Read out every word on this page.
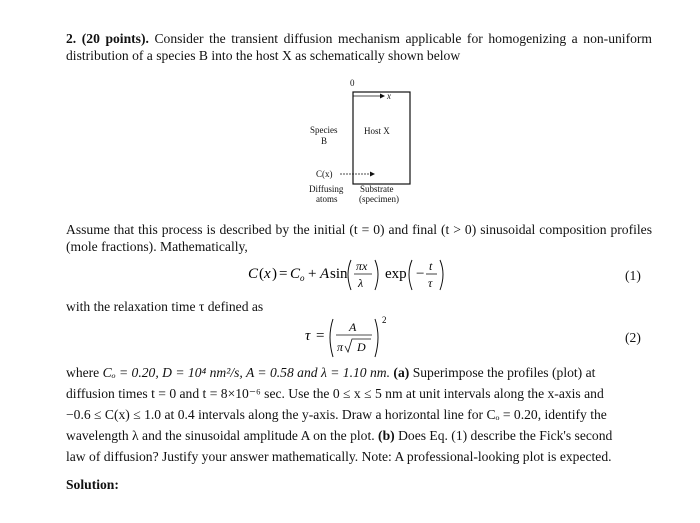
2. (20 points). Consider the transient diffusion mechanism applicable for homogenizing a non-uniform distribution of a species B into the host X as schematically shown below
0
x
Species
B
Host X
C(x)
Diffusing
atoms
Substrate
(specimen)
Assume that this process is described by the initial (t = 0) and final (t > 0) sinusoidal composition profiles (mole fractions). Mathematically,
C ( x ) = C o + A sin πx
λ
exp − t
τ	(1)
with the relaxation time τ defined as
τ =
A
π D
2
(2)
where Cₒ = 0.20, D = 10⁴ nm²/s, A = 0.58 and λ = 1.10 nm. (a) Superimpose the profiles (plot) at
diffusion times t = 0 and t = 8×10⁻⁶ sec. Use the 0 ≤ x ≤ 5 nm at unit intervals along the x-axis and
−0.6 ≤ C(x) ≤ 1.0 at 0.4 intervals along the y-axis. Draw a horizontal line for Cₒ = 0.20, identify the
wavelength λ and the sinusoidal amplitude A on the plot. (b) Does Eq. (1) describe the Fick's second
law of diffusion? Justify your answer mathematically. Note: A professional-looking plot is expected.
Solution:
